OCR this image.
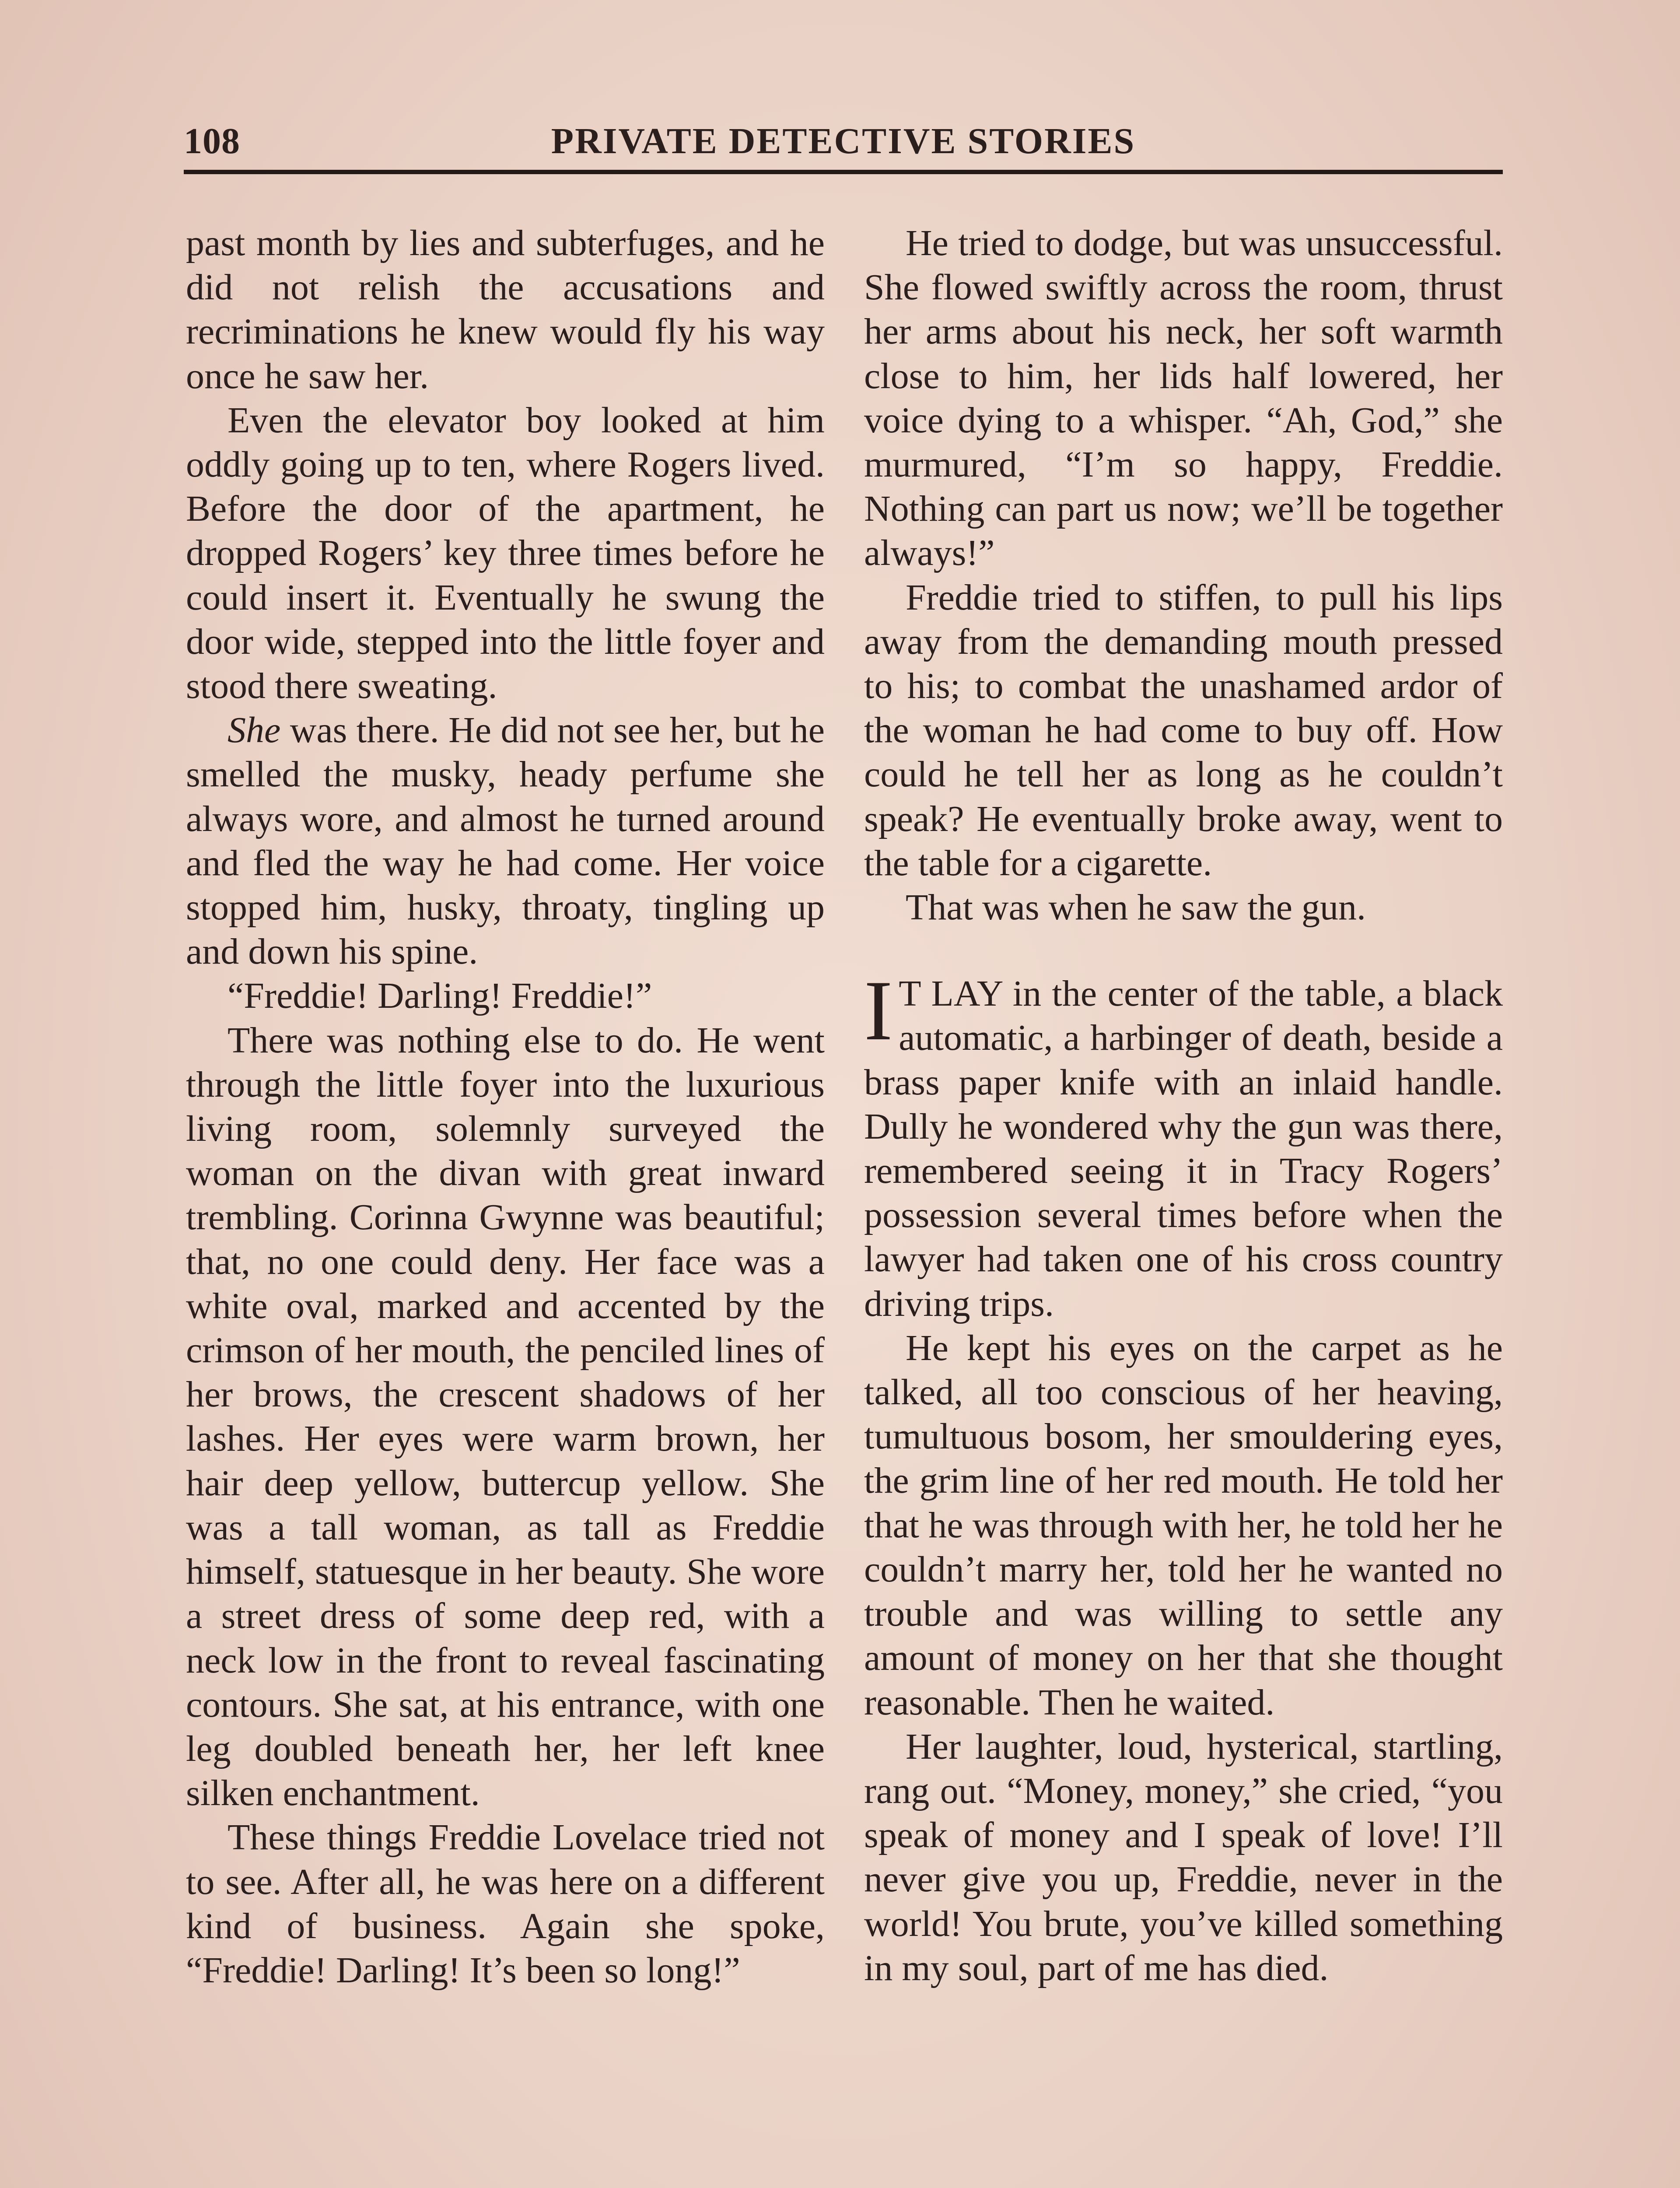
108	PRIVATE DETECTIVE STORIES

past month by lies and subterfuges, and he did not relish the accusations and recriminations he knew would fly his way once he saw her.

Even the elevator boy looked at him oddly going up to ten, where Rogers lived. Before the door of the apartment, he dropped Rogers’ key three times before he could insert it. Eventually he swung the door wide, stepped into the little foyer and stood there sweating.

She was there. He did not see her, but he smelled the musky, heady perfume she always wore, and almost he turned around and fled the way he had come. Her voice stopped him, husky, throaty, tingling up and down his spine.

“Freddie! Darling! Freddie!”

There was nothing else to do. He went through the little foyer into the luxurious living room, solemnly surveyed the woman on the divan with great inward trembling. Corinna Gwynne was beautiful; that, no one could deny. Her face was a white oval, marked and accented by the crimson of her mouth, the penciled lines of her brows, the crescent shadows of her lashes. Her eyes were warm brown, her hair deep yellow, buttercup yellow. She was a tall woman, as tall as Freddie himself, statuesque in her beauty. She wore a street dress of some deep red, with a neck low in the front to reveal fascinating contours. She sat, at his entrance, with one leg doubled beneath her, her left knee silken enchantment.

These things Freddie Lovelace tried not to see. After all, he was here on a different kind of business. Again she spoke, “Freddie! Darling! It’s been so long!”

He tried to dodge, but was unsuccessful. She flowed swiftly across the room, thrust her arms about his neck, her soft warmth close to him, her lids half lowered, her voice dying to a whisper. “Ah, God,” she murmured, “I’m so happy, Freddie. Nothing can part us now; we’ll be together always!”

Freddie tried to stiffen, to pull his lips away from the demanding mouth pressed to his; to combat the unashamed ardor of the woman he had come to buy off. How could he tell her as long as he couldn’t speak? He eventually broke away, went to the table for a cigarette.

That was when he saw the gun.

I T LAY in the center of the table, a black automatic, a harbinger of death, beside a brass paper knife with an inlaid handle. Dully he wondered why the gun was there, remembered seeing it in Tracy Rogers’ possession several times before when the lawyer had taken one of his cross country driving trips.

He kept his eyes on the carpet as he talked, all too conscious of her heaving, tumultuous bosom, her smouldering eyes, the grim line of her red mouth. He told her that he was through with her, he told her he couldn’t marry her, told her he wanted no trouble and was willing to settle any amount of money on her that she thought reasonable. Then he waited.

Her laughter, loud, hysterical, startling, rang out. “Money, money,” she cried, “you speak of money and I speak of love! I’ll never give you up, Freddie, never in the world! You brute, you’ve killed something in my soul, part of me has died.
